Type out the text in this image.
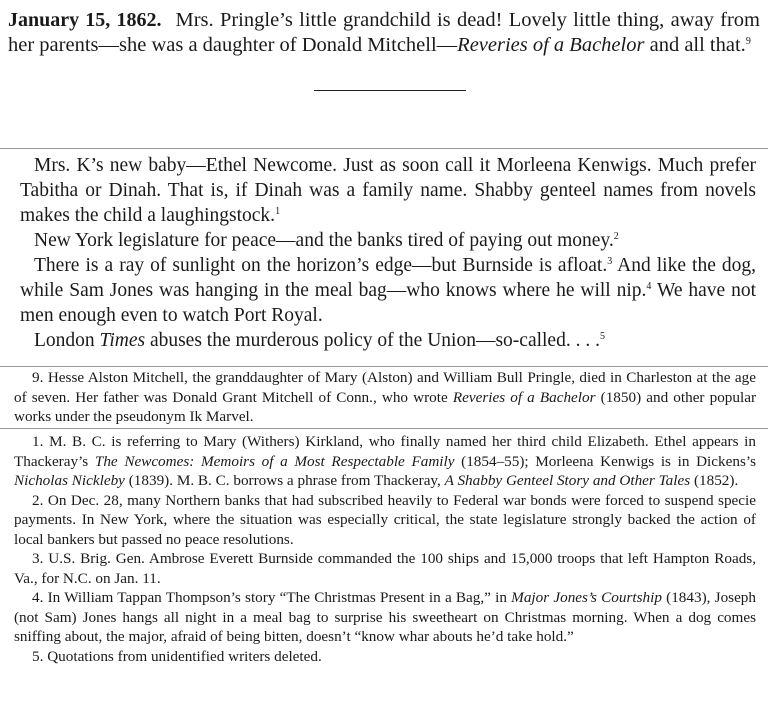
January 15, 1862. Mrs. Pringle’s little grandchild is dead! Lovely little thing, away from her parents—she was a daughter of Donald Mitchell—Reveries of a Bachelor and all that.$^9$

Mrs. K’s new baby—Ethel Newcome. Just as soon call it Morleena Kenwigs. Much prefer Tabitha or Dinah. That is, if Dinah was a family name. Shabby genteel names from novels makes the child a laughingstock.$^1$

New York legislature for peace—and the banks tired of paying out money.$^2$

There is a ray of sunlight on the horizon’s edge—but Burnside is afloat.$^3$ And like the dog, while Sam Jones was hanging in the meal bag—who knows where he will nip.$^4$ We have not men enough even to watch Port Royal.

London Times abuses the murderous policy of the Union—so-called. . . .$^5$

9. Hesse Alston Mitchell, the granddaughter of Mary (Alston) and William Bull Pringle, died in Charleston at the age of seven. Her father was Donald Grant Mitchell of Conn., who wrote Reveries of a Bachelor (1850) and other popular works under the pseudonym Ik Marvel.

1. M. B. C. is referring to Mary (Withers) Kirkland, who finally named her third child Elizabeth. Ethel appears in Thackeray’s The Newcomes: Memoirs of a Most Respectable Family (1854–55); Morleena Kenwigs is in Dickens’s Nicholas Nickleby (1839). M. B. C. borrows a phrase from Thackeray, A Shabby Genteel Story and Other Tales (1852).

2. On Dec. 28, many Northern banks that had subscribed heavily to Federal war bonds were forced to suspend specie payments. In New York, where the situation was especially critical, the state legislature strongly backed the action of local bankers but passed no peace resolutions.

3. U.S. Brig. Gen. Ambrose Everett Burnside commanded the 100 ships and 15,000 troops that left Hampton Roads, Va., for N.C. on Jan. 11.

4. In William Tappan Thompson’s story “The Christmas Present in a Bag,” in Major Jones’s Courtship (1843), Joseph (not Sam) Jones hangs all night in a meal bag to surprise his sweetheart on Christmas morning. When a dog comes sniffing about, the major, afraid of being bitten, doesn’t “know whar abouts he’d take hold.”

5. Quotations from unidentified writers deleted.
